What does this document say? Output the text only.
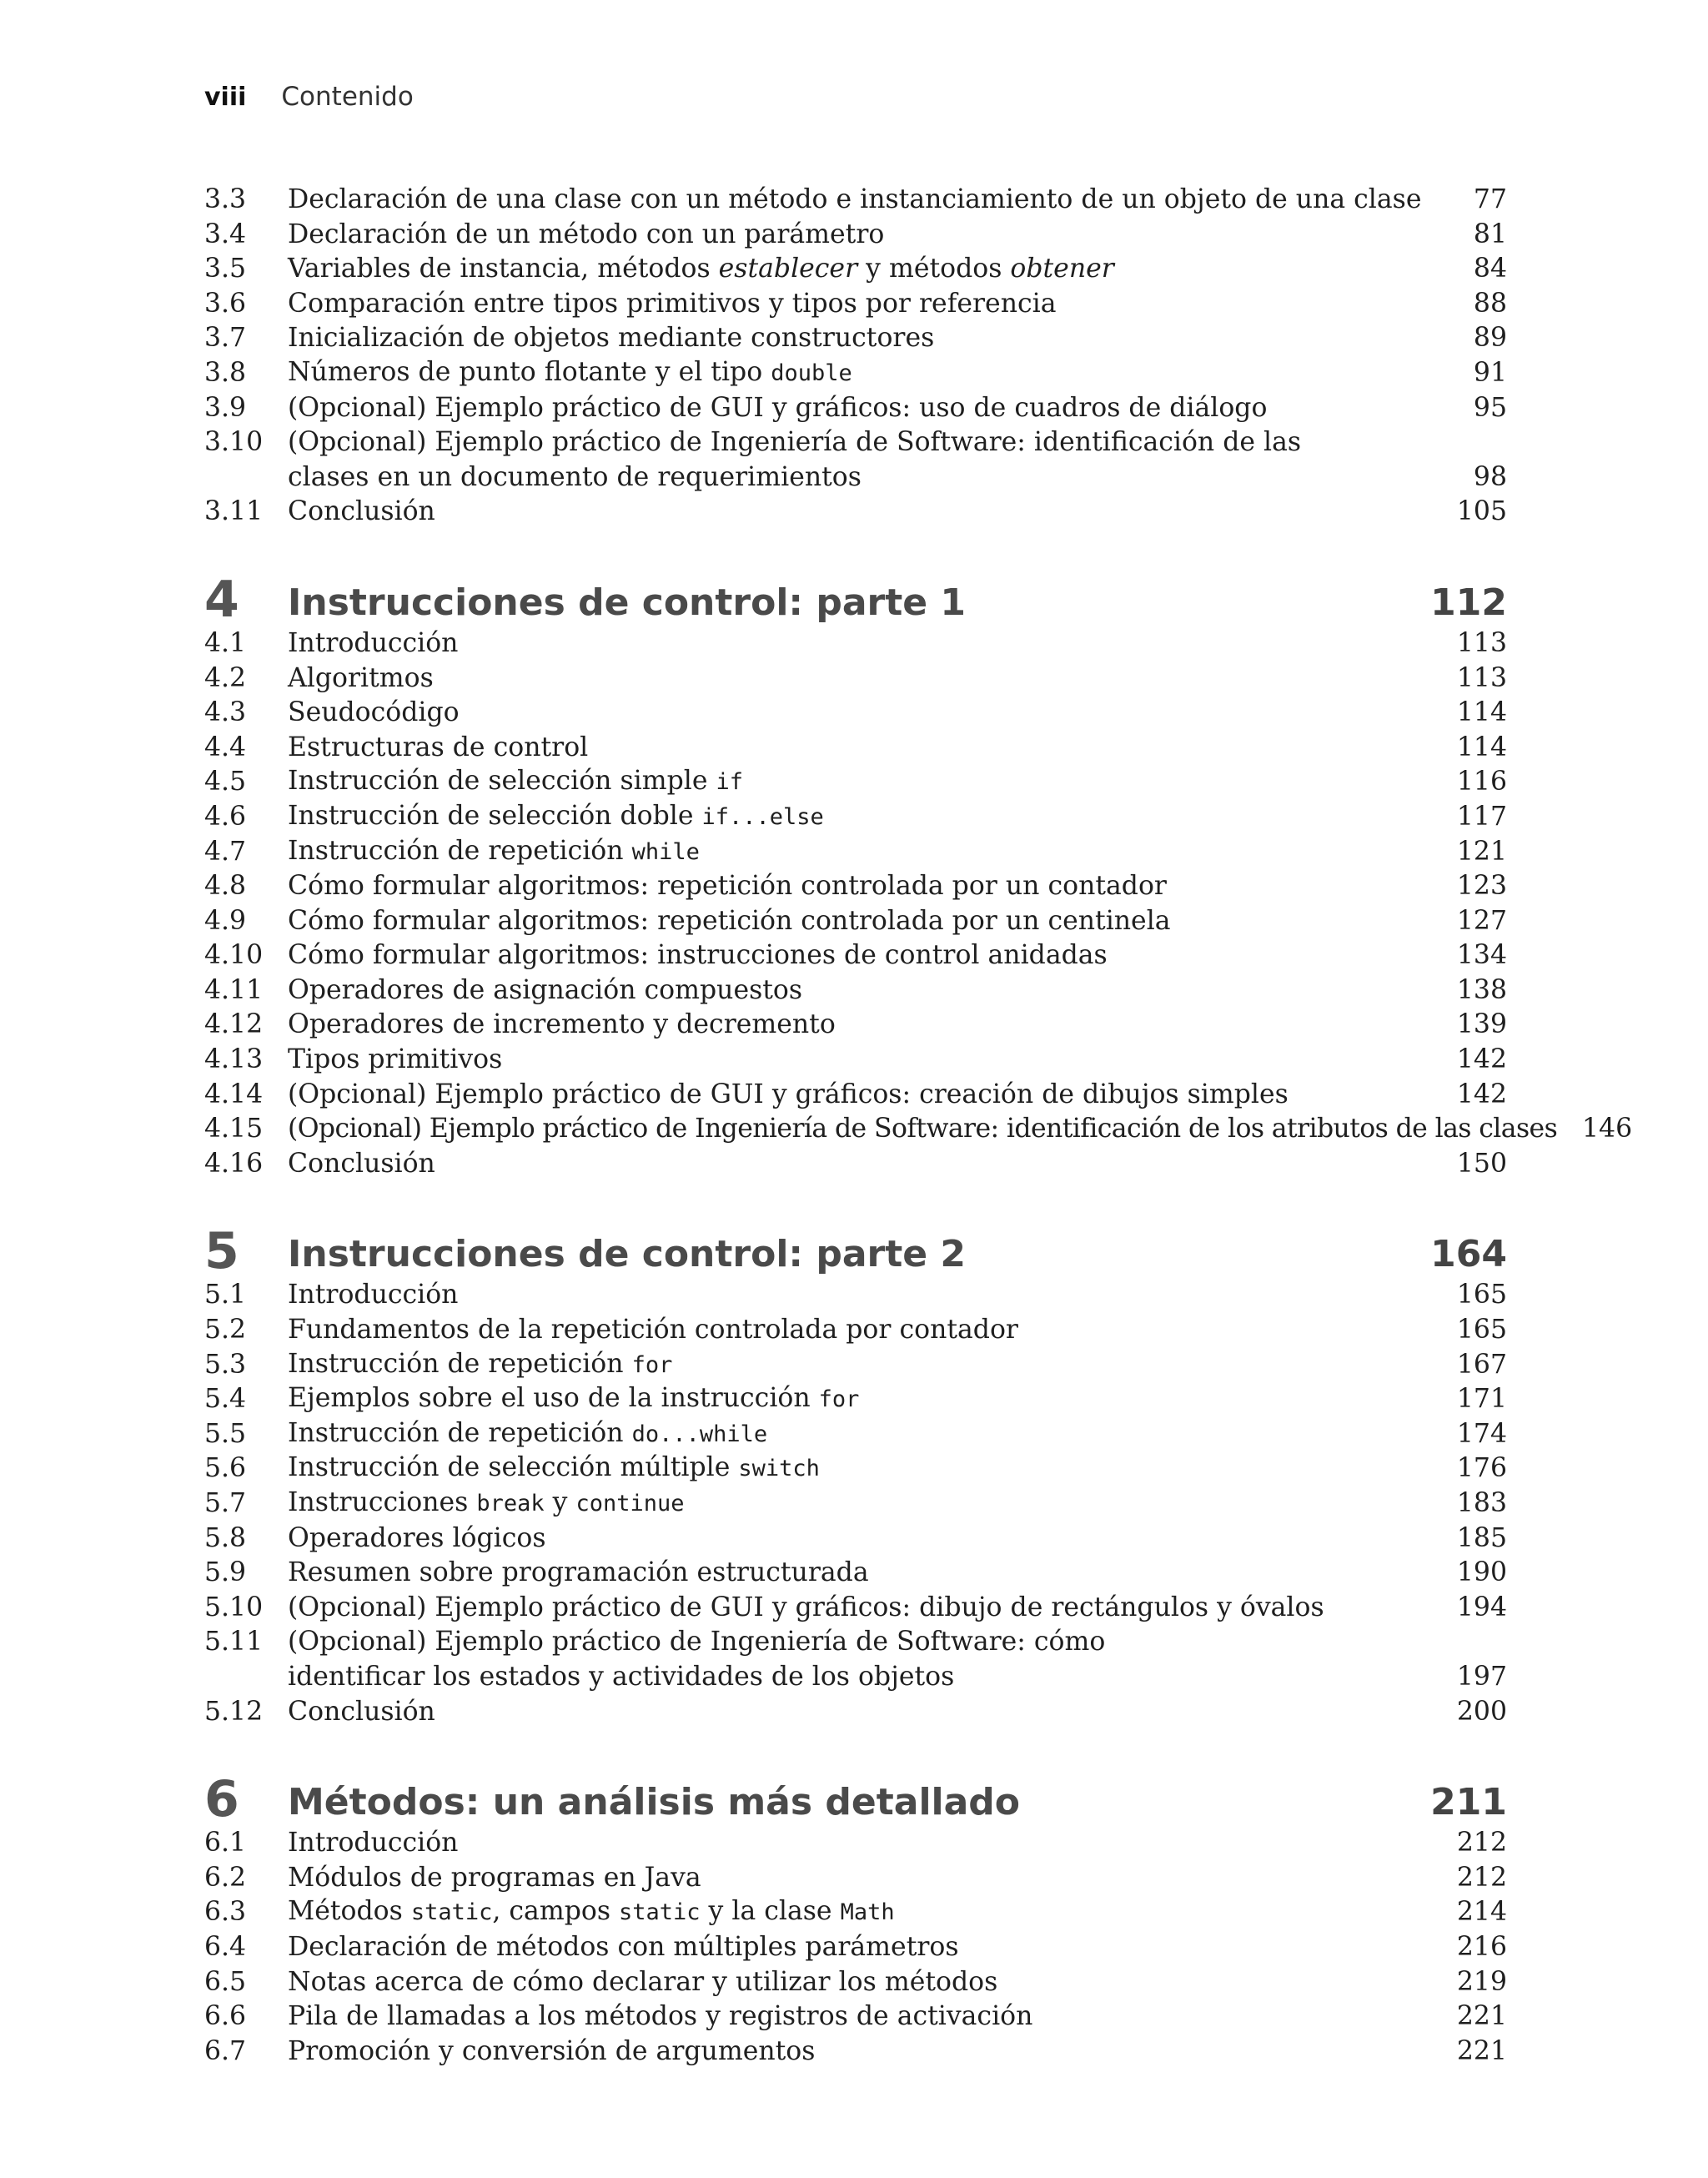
viii Contenido
3.3	Declaración de una clase con un método e instanciamiento de un objeto de una clase	77
3.4	Declaración de un método con un parámetro	81
3.5	Variables de instancia, métodos establecer y métodos obtener	84
3.6	Comparación entre tipos primitivos y tipos por referencia	88
3.7	Inicialización de objetos mediante constructores	89
3.8	Números de punto flotante y el tipo double	91
3.9	(Opcional) Ejemplo práctico de GUI y gráficos: uso de cuadros de diálogo	95
3.10 (Opcional) Ejemplo práctico de Ingeniería de Software: identificación de las clases en un documento de requerimientos	98
3.11 Conclusión	105
4	Instrucciones de control: parte 1	112
4.1	Introducción	113
4.2	Algoritmos	113
4.3	Seudocódigo	114
4.4	Estructuras de control	114
4.5	Instrucción de selección simple if	116
4.6	Instrucción de selección doble if...else	117
4.7	Instrucción de repetición while	121
4.8	Cómo formular algoritmos: repetición controlada por un contador	123
4.9	Cómo formular algoritmos: repetición controlada por un centinela	127
4.10 Cómo formular algoritmos: instrucciones de control anidadas	134
4.11 Operadores de asignación compuestos	138
4.12 Operadores de incremento y decremento	139
4.13 Tipos primitivos	142
4.14 (Opcional) Ejemplo práctico de GUI y gráficos: creación de dibujos simples	142
4.15 (Opcional) Ejemplo práctico de Ingeniería de Software: identificación de los atributos de las clases 146
4.16 Conclusión	150
5	Instrucciones de control: parte 2	164
5.1	Introducción	165
5.2	Fundamentos de la repetición controlada por contador	165
5.3	Instrucción de repetición for	167
5.4	Ejemplos sobre el uso de la instrucción for	171
5.5	Instrucción de repetición do...while	174
5.6	Instrucción de selección múltiple switch	176
5.7	Instrucciones break y continue	183
5.8	Operadores lógicos	185
5.9	Resumen sobre programación estructurada	190
5.10 (Opcional) Ejemplo práctico de GUI y gráficos: dibujo de rectángulos y óvalos	194
5.11 (Opcional) Ejemplo práctico de Ingeniería de Software: cómo identificar los estados y actividades de los objetos	197
5.12 Conclusión	200
6	Métodos: un análisis más detallado	211
6.1	Introducción	212
6.2	Módulos de programas en Java	212
6.3	Métodos static, campos static y la clase Math	214
6.4	Declaración de métodos con múltiples parámetros	216
6.5	Notas acerca de cómo declarar y utilizar los métodos	219
6.6	Pila de llamadas a los métodos y registros de activación	221
6.7	Promoción y conversión de argumentos	221
